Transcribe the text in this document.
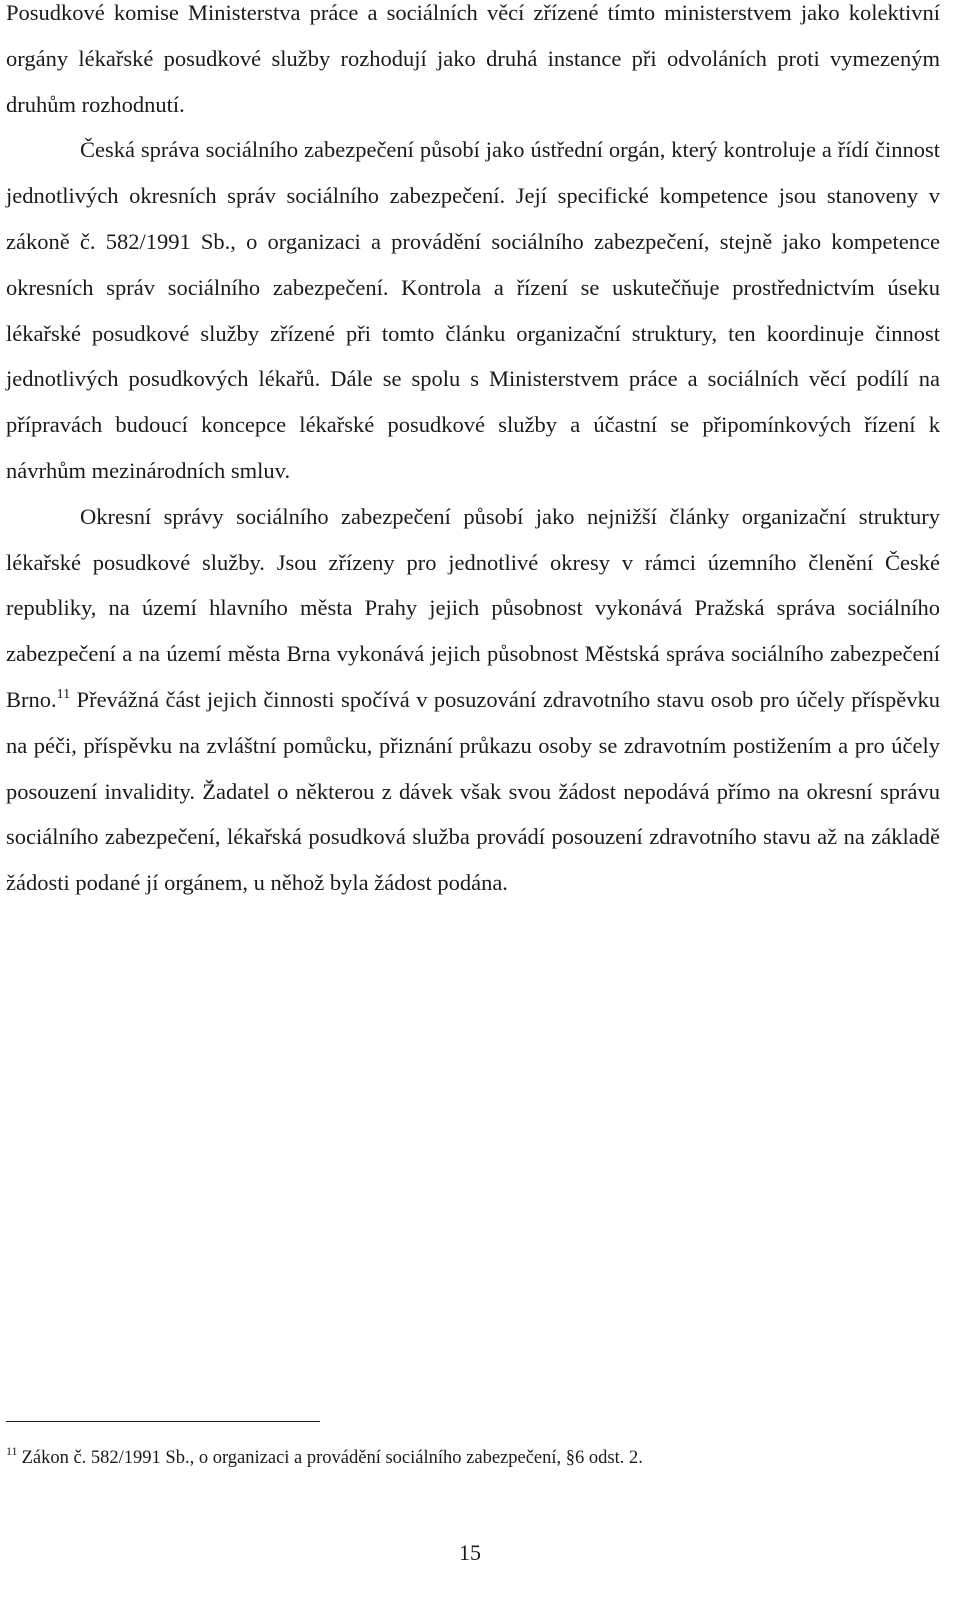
Posudkové komise Ministerstva práce a sociálních věcí zřízené tímto ministerstvem jako kolektivní orgány lékařské posudkové služby rozhodují jako druhá instance při odvoláních proti vymezeným druhům rozhodnutí.

Česká správa sociálního zabezpečení působí jako ústřední orgán, který kontroluje a řídí činnost jednotlivých okresních správ sociálního zabezpečení. Její specifické kompetence jsou stanoveny v zákoně č. 582/1991 Sb., o organizaci a provádění sociálního zabezpečení, stejně jako kompetence okresních správ sociálního zabezpečení. Kontrola a řízení se uskutečňuje prostřednictvím úseku lékařské posudkové služby zřízené při tomto článku organizační struktury, ten koordinuje činnost jednotlivých posudkových lékařů. Dále se spolu s Ministerstvem práce a sociálních věcí podílí na přípravách budoucí koncepce lékařské posudkové služby a účastní se připomínkových řízení k návrhům mezinárodních smluv.

Okresní správy sociálního zabezpečení působí jako nejnižší články organizační struktury lékařské posudkové služby. Jsou zřízeny pro jednotlivé okresy v rámci územního členění České republiky, na území hlavního města Prahy jejich působnost vykonává Pražská správa sociálního zabezpečení a na území města Brna vykonává jejich působnost Městská správa sociálního zabezpečení Brno.$^{11}$ Převážná část jejich činnosti spočívá v posuzování zdravotního stavu osob pro účely příspěvku na péči, příspěvku na zvláštní pomůcku, přiznání průkazu osoby se zdravotním postižením a pro účely posouzení invalidity. Žadatel o některou z dávek však svou žádost nepodává přímo na okresní správu sociálního zabezpečení, lékařská posudková služba provádí posouzení zdravotního stavu až na základě žádosti podané jí orgánem, u něhož byla žádost podána.

$^{11}$ Zákon č. 582/1991 Sb., o organizaci a provádění sociálního zabezpečení, §6 odst. 2.
15
